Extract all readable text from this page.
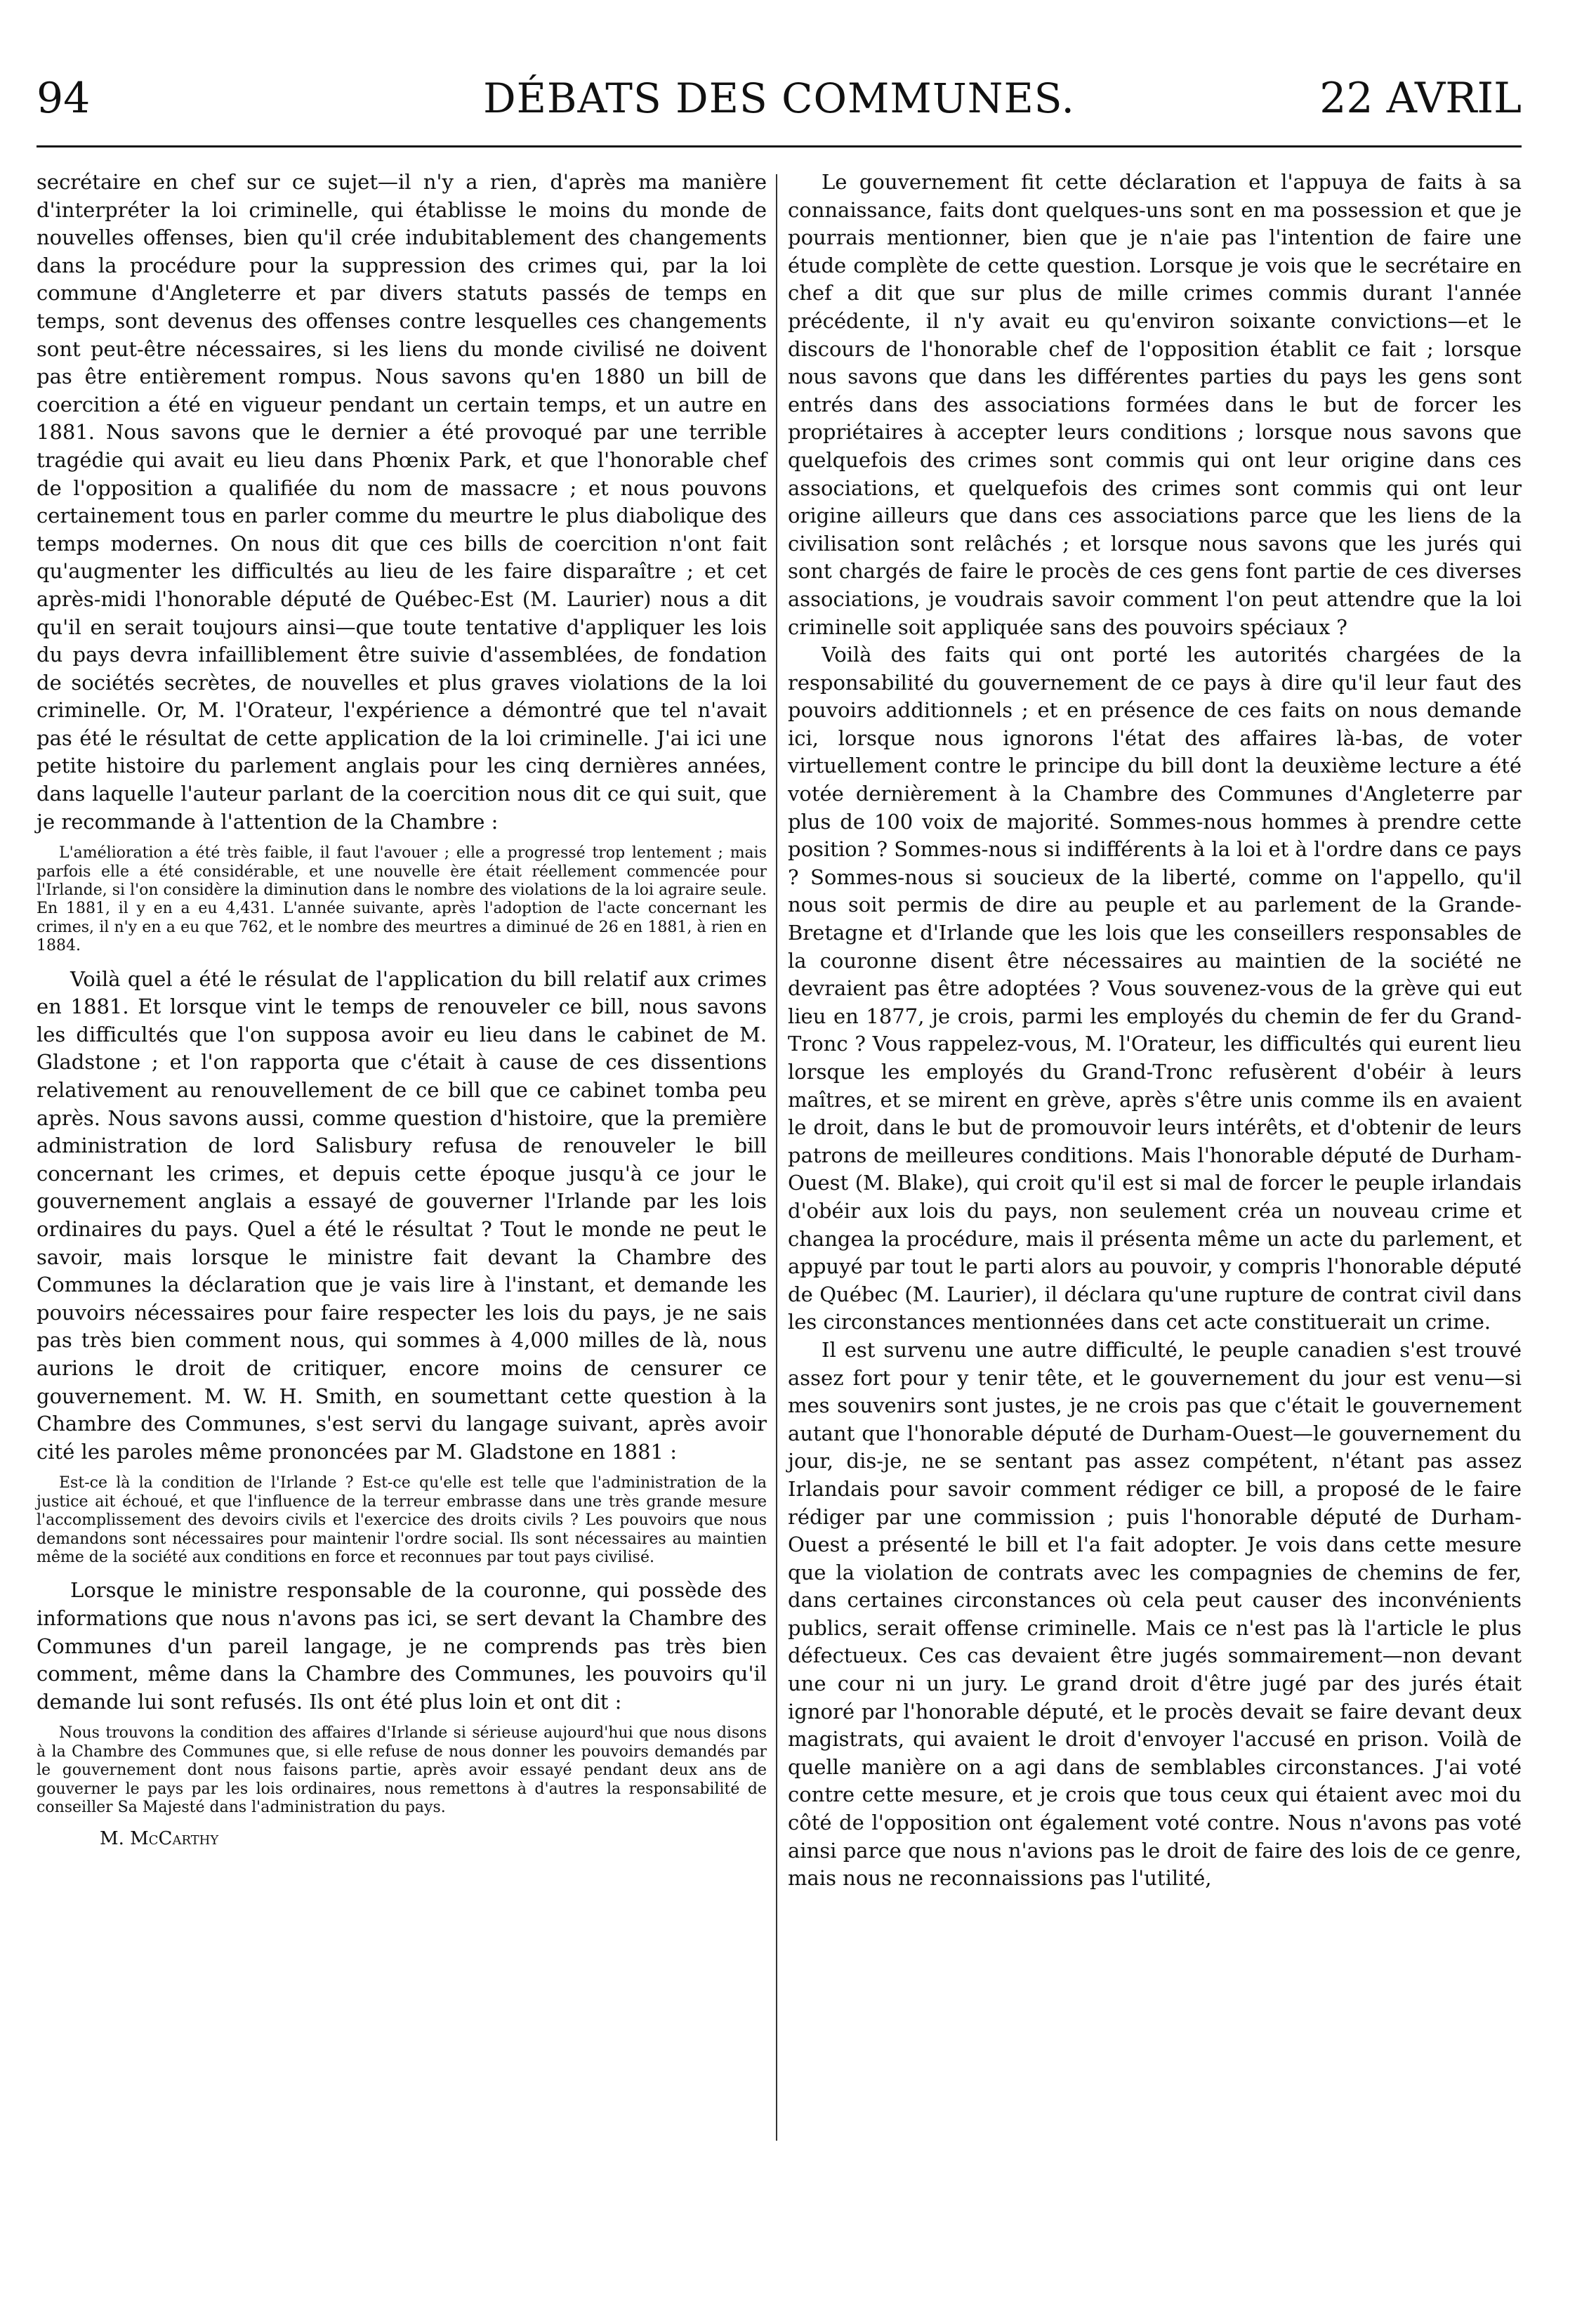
94	DÉBATS DES COMMUNES.	22 AVRIL

secrétaire en chef sur ce sujet—il n'y a rien, d'après ma manière d'interpréter la loi criminelle, qui établisse le moins du monde de nouvelles offenses, bien qu'il crée indubitablement des changements dans la procédure pour la suppression des crimes qui, par la loi commune d'Angleterre et par divers statuts passés de temps en temps, sont devenus des offenses contre lesquelles ces changements sont peut-être nécessaires, si les liens du monde civilisé ne doivent pas être entièrement rompus. Nous savons qu'en 1880 un bill de coercition a été en vigueur pendant un certain temps, et un autre en 1881. Nous savons que le dernier a été provoqué par une terrible tragédie qui avait eu lieu dans Phœnix Park, et que l'honorable chef de l'opposition a qualifiée du nom de massacre ; et nous pouvons certainement tous en parler comme du meurtre le plus diabolique des temps modernes. On nous dit que ces bills de coercition n'ont fait qu'augmenter les difficultés au lieu de les faire disparaître ; et cet après-midi l'honorable député de Québec-Est (M. Laurier) nous a dit qu'il en serait toujours ainsi—que toute tentative d'appliquer les lois du pays devra infailliblement être suivie d'assemblées, de fondation de sociétés secrètes, de nouvelles et plus graves violations de la loi criminelle. Or, M. l'Orateur, l'expérience a démontré que tel n'avait pas été le résultat de cette application de la loi criminelle. J'ai ici une petite histoire du parlement anglais pour les cinq dernières années, dans laquelle l'auteur parlant de la coercition nous dit ce qui suit, que je recommande à l'attention de la Chambre :

L'amélioration a été très faible, il faut l'avouer ; elle a progressé trop lentement ; mais parfois elle a été considérable, et une nouvelle ère était réellement commencée pour l'Irlande, si l'on considère la diminution dans le nombre des violations de la loi agraire seule. En 1881, il y en a eu 4,431. L'année suivante, après l'adoption de l'acte concernant les crimes, il n'y en a eu que 762, et le nombre des meurtres a diminué de 26 en 1881, à rien en 1884.

Voilà quel a été le résulat de l'application du bill relatif aux crimes en 1881. Et lorsque vint le temps de renouveler ce bill, nous savons les difficultés que l'on supposa avoir eu lieu dans le cabinet de M. Gladstone ; et l'on rapporta que c'était à cause de ces dissentions relativement au renouvellement de ce bill que ce cabinet tomba peu après. Nous savons aussi, comme question d'histoire, que la première administration de lord Salisbury refusa de renouveler le bill concernant les crimes, et depuis cette époque jusqu'à ce jour le gouvernement anglais a essayé de gouverner l'Irlande par les lois ordinaires du pays. Quel a été le résultat ? Tout le monde ne peut le savoir, mais lorsque le ministre fait devant la Chambre des Communes la déclaration que je vais lire à l'instant, et demande les pouvoirs nécessaires pour faire respecter les lois du pays, je ne sais pas très bien comment nous, qui sommes à 4,000 milles de là, nous aurions le droit de critiquer, encore moins de censurer ce gouvernement. M. W. H. Smith, en soumettant cette question à la Chambre des Communes, s'est servi du langage suivant, après avoir cité les paroles même prononcées par M. Gladstone en 1881 :

Est-ce là la condition de l'Irlande ? Est-ce qu'elle est telle que l'administration de la justice ait échoué, et que l'influence de la terreur embrasse dans une très grande mesure l'accomplissement des devoirs civils et l'exercice des droits civils ? Les pouvoirs que nous demandons sont nécessaires pour maintenir l'ordre social. Ils sont nécessaires au maintien même de la société aux conditions en force et reconnues par tout pays civilisé.

Lorsque le ministre responsable de la couronne, qui possède des informations que nous n'avons pas ici, se sert devant la Chambre des Communes d'un pareil langage, je ne comprends pas très bien comment, même dans la Chambre des Communes, les pouvoirs qu'il demande lui sont refusés. Ils ont été plus loin et ont dit :

Nous trouvons la condition des affaires d'Irlande si sérieuse aujourd'hui que nous disons à la Chambre des Communes que, si elle refuse de nous donner les pouvoirs demandés par le gouvernement dont nous faisons partie, après avoir essayé pendant deux ans de gouverner le pays par les lois ordinaires, nous remettons à d'autres la responsabilité de conseiller Sa Majesté dans l'administration du pays.

M. McCarthy

Le gouvernement fit cette déclaration et l'appuya de faits à sa connaissance, faits dont quelques-uns sont en ma possession et que je pourrais mentionner, bien que je n'aie pas l'intention de faire une étude complète de cette question. Lorsque je vois que le secrétaire en chef a dit que sur plus de mille crimes commis durant l'année précédente, il n'y avait eu qu'environ soixante convictions—et le discours de l'honorable chef de l'opposition établit ce fait ; lorsque nous savons que dans les différentes parties du pays les gens sont entrés dans des associations formées dans le but de forcer les propriétaires à accepter leurs conditions ; lorsque nous savons que quelquefois des crimes sont commis qui ont leur origine dans ces associations, et quelquefois des crimes sont commis qui ont leur origine ailleurs que dans ces associations parce que les liens de la civilisation sont relâchés ; et lorsque nous savons que les jurés qui sont chargés de faire le procès de ces gens font partie de ces diverses associations, je voudrais savoir comment l'on peut attendre que la loi criminelle soit appliquée sans des pouvoirs spéciaux ?

Voilà des faits qui ont porté les autorités chargées de la responsabilité du gouvernement de ce pays à dire qu'il leur faut des pouvoirs additionnels ; et en présence de ces faits on nous demande ici, lorsque nous ignorons l'état des affaires là-bas, de voter virtuellement contre le principe du bill dont la deuxième lecture a été votée dernièrement à la Chambre des Communes d'Angleterre par plus de 100 voix de majorité. Sommes-nous hommes à prendre cette position ? Sommes-nous si indifférents à la loi et à l'ordre dans ce pays ? Sommes-nous si soucieux de la liberté, comme on l'appello, qu'il nous soit permis de dire au peuple et au parlement de la Grande-Bretagne et d'Irlande que les lois que les conseillers responsables de la couronne disent être nécessaires au maintien de la société ne devraient pas être adoptées ? Vous souvenez-vous de la grève qui eut lieu en 1877, je crois, parmi les employés du chemin de fer du Grand-Tronc ? Vous rappelez-vous, M. l'Orateur, les difficultés qui eurent lieu lorsque les employés du Grand-Tronc refusèrent d'obéir à leurs maîtres, et se mirent en grève, après s'être unis comme ils en avaient le droit, dans le but de promouvoir leurs intérêts, et d'obtenir de leurs patrons de meilleures conditions. Mais l'honorable député de Durham-Ouest (M. Blake), qui croit qu'il est si mal de forcer le peuple irlandais d'obéir aux lois du pays, non seulement créa un nouveau crime et changea la procédure, mais il présenta même un acte du parlement, et appuyé par tout le parti alors au pouvoir, y compris l'honorable député de Québec (M. Laurier), il déclara qu'une rupture de contrat civil dans les circonstances mentionnées dans cet acte constituerait un crime.

Il est survenu une autre difficulté, le peuple canadien s'est trouvé assez fort pour y tenir tête, et le gouvernement du jour est venu—si mes souvenirs sont justes, je ne crois pas que c'était le gouvernement autant que l'honorable député de Durham-Ouest—le gouvernement du jour, dis-je, ne se sentant pas assez compétent, n'étant pas assez Irlandais pour savoir comment rédiger ce bill, a proposé de le faire rédiger par une commission ; puis l'honorable député de Durham-Ouest a présenté le bill et l'a fait adopter. Je vois dans cette mesure que la violation de contrats avec les compagnies de chemins de fer, dans certaines circonstances où cela peut causer des inconvénients publics, serait offense criminelle. Mais ce n'est pas là l'article le plus défectueux. Ces cas devaient être jugés sommairement—non devant une cour ni un jury. Le grand droit d'être jugé par des jurés était ignoré par l'honorable député, et le procès devait se faire devant deux magistrats, qui avaient le droit d'envoyer l'accusé en prison. Voilà de quelle manière on a agi dans de semblables circonstances. J'ai voté contre cette mesure, et je crois que tous ceux qui étaient avec moi du côté de l'opposition ont également voté contre. Nous n'avons pas voté ainsi parce que nous n'avions pas le droit de faire des lois de ce genre, mais nous ne reconnaissions pas l'utilité,
